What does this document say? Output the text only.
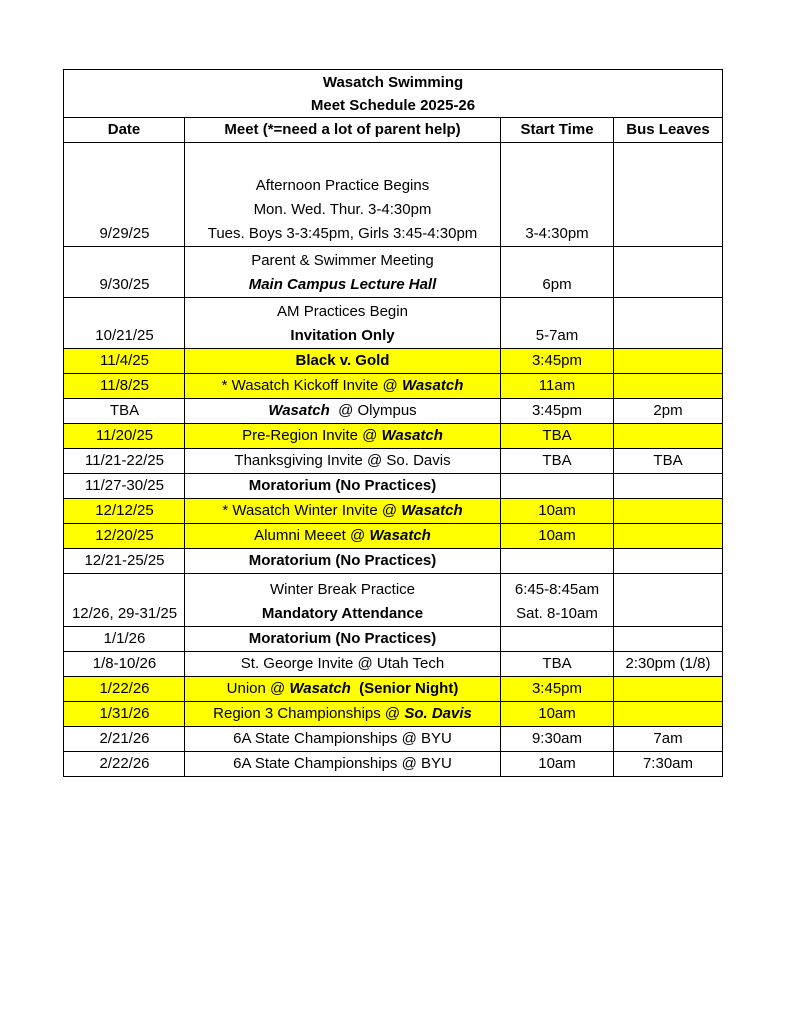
Wasatch Swimming
Meet Schedule 2025-26			

Date	Meet (*=need a lot of parent help)	Start Time	Bus Leaves
9/29/25	Afternoon Practice Begins
Mon. Wed. Thur. 3-4:30pm
Tues. Boys 3-3:45pm, Girls 3:45-4:30pm	3-4:30pm	

9/30/25	Parent & Swimmer Meeting
Main Campus Lecture Hall	6pm	

10/21/25	AM Practices Begin
Invitation Only	5-7am	

11/4/25	Black v. Gold	3:45pm	

11/8/25	* Wasatch Kickoff Invite @ Wasatch	11am	

TBA	Wasatch  @ Olympus	3:45pm	2pm
11/20/25	Pre-Region Invite @ Wasatch	TBA	

11/21-22/25	Thanksgiving Invite @ So. Davis	TBA	TBA
11/27-30/25	Moratorium (No Practices)		

12/12/25	* Wasatch Winter Invite @ Wasatch	10am	

12/20/25	Alumni Meeet @ Wasatch	10am	

12/21-25/25	Moratorium (No Practices)		

12/26, 29-31/25	Winter Break Practice
Mandatory Attendance	6:45-8:45am
Sat. 8-10am	

1/1/26	Moratorium (No Practices)		

1/8-10/26	St. George Invite @ Utah Tech	TBA	2:30pm (1/8)
1/22/26	Union @ Wasatch  (Senior Night)	3:45pm	

1/31/26	Region 3 Championships @ So. Davis	10am	

2/21/26	6A State Championships @ BYU	9:30am	7am
2/22/26	6A State Championships @ BYU	10am	7:30am
